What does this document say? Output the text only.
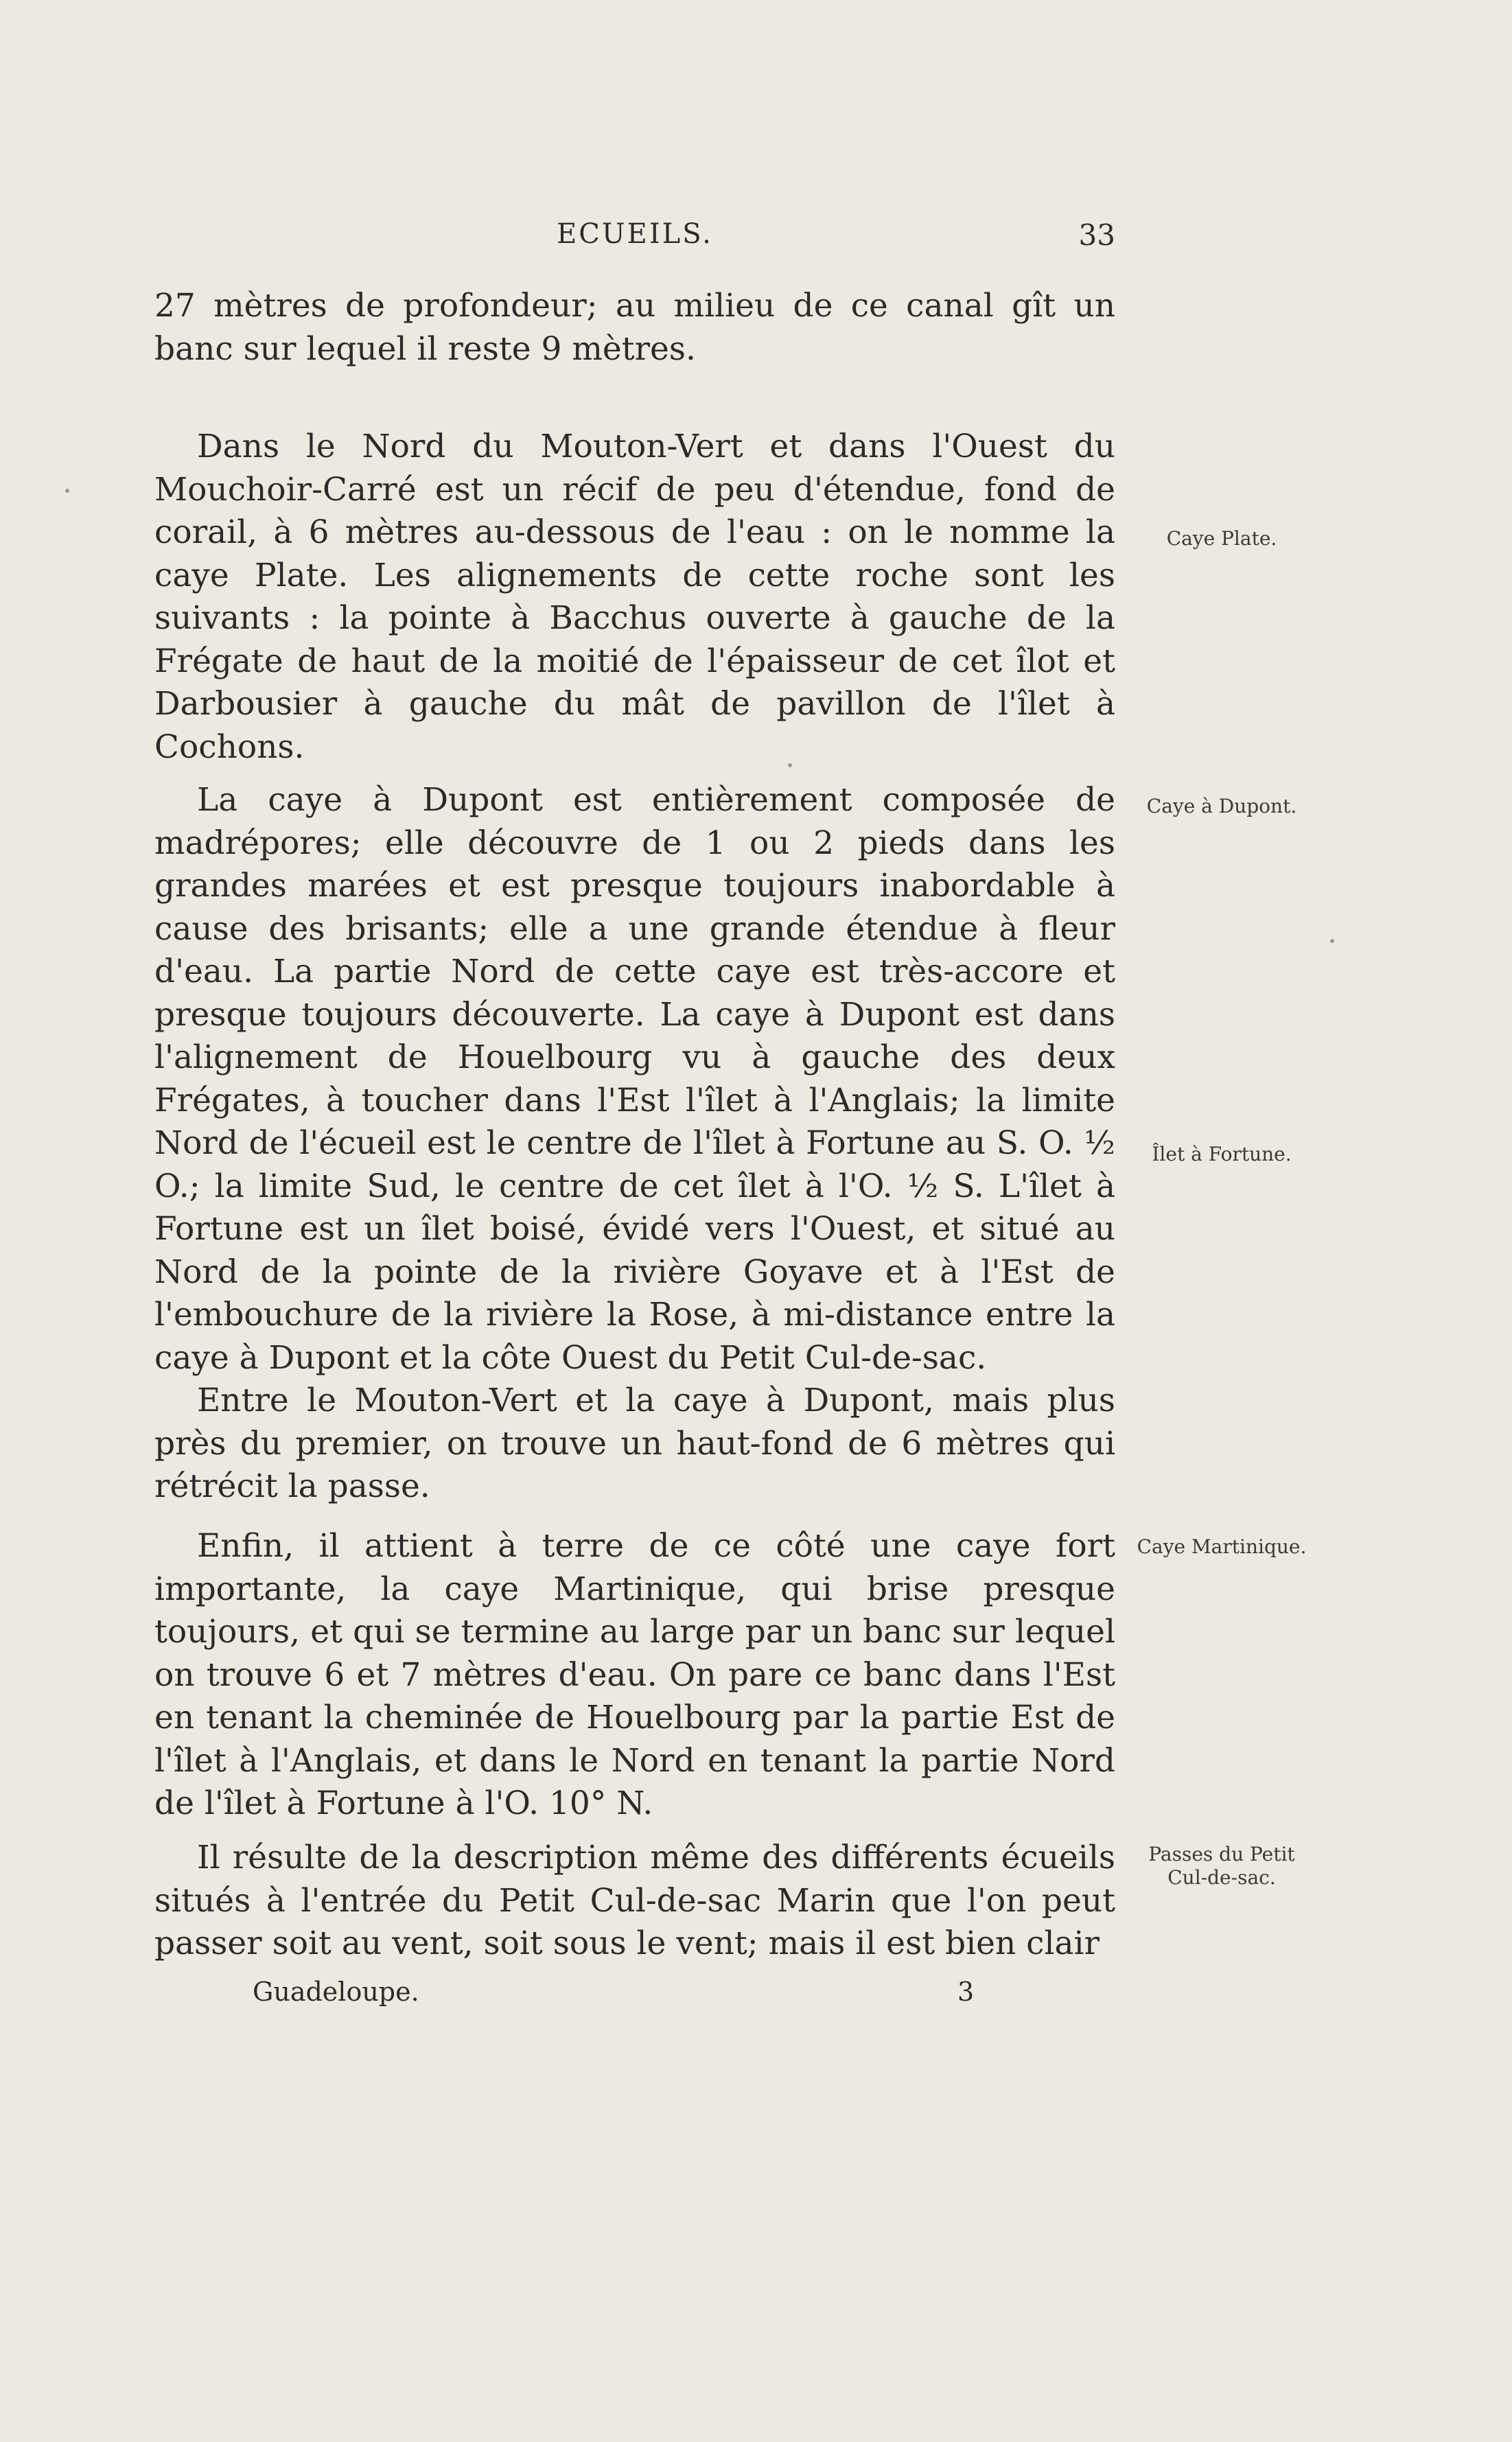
ECUEILS.	33

27 mètres de profondeur; au milieu de ce canal gît un banc sur lequel il reste 9 mètres.

Dans le Nord du Mouton-Vert et dans l'Ouest du Mouchoir-Carré est un récif de peu d'étendue, fond de corail, à 6 mètres au-dessous de l'eau : on le nomme la caye Plate. Les alignements de cette roche sont les suivants : la pointe à Bacchus ouverte à gauche de la Frégate de haut de la moitié de l'épaisseur de cet îlot et Darbousier à gauche du mât de pavillon de l'îlet à Cochons.

Caye Plate.

La caye à Dupont est entièrement composée de madrépores; elle découvre de 1 ou 2 pieds dans les grandes marées et est presque toujours inabordable à cause des brisants; elle a une grande étendue à fleur d'eau. La partie Nord de cette caye est très-accore et presque toujours découverte. La caye à Dupont est dans l'alignement de Houelbourg vu à gauche des deux Frégates, à toucher dans l'Est l'îlet à l'Anglais; la limite Nord de l'écueil est le centre de l'îlet à Fortune au S. O. ½ O.; la limite Sud, le centre de cet îlet à l'O. ½ S. L'îlet à Fortune est un îlet boisé, évidé vers l'Ouest, et situé au Nord de la pointe de la rivière Goyave et à l'Est de l'embouchure de la rivière la Rose, à mi-distance entre la caye à Dupont et la côte Ouest du Petit Cul-de-sac.

Entre le Mouton-Vert et la caye à Dupont, mais plus près du premier, on trouve un haut-fond de 6 mètres qui rétrécit la passe.

Caye à Dupont.
Îlet à Fortune.

Enfin, il attient à terre de ce côté une caye fort importante, la caye Martinique, qui brise presque toujours, et qui se termine au large par un banc sur lequel on trouve 6 et 7 mètres d'eau. On pare ce banc dans l'Est en tenant la cheminée de Houelbourg par la partie Est de l'îlet à l'Anglais, et dans le Nord en tenant la partie Nord de l'îlet à Fortune à l'O. 10° N.

Caye Martinique.

Il résulte de la description même des différents écueils situés à l'entrée du Petit Cul-de-sac Marin que l'on peut passer soit au vent, soit sous le vent; mais il est bien clair

Passes du Petit Cul-de-sac.
Guadeloupe.	3
